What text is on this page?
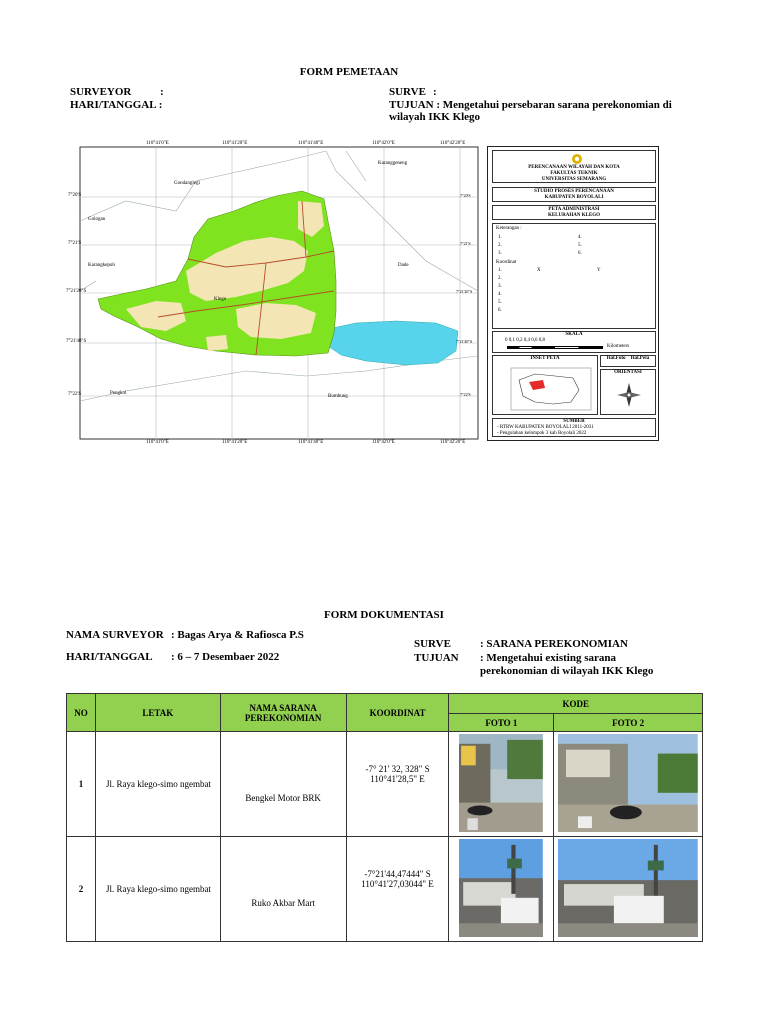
FORM PEMETAAN
SURVEYOR	:
HARI/TANGGAL :
SURVE :
TUJUAN : Mengetahui persebaran sarana perekonomian di
wilayah IKK Klego
110°41'0"E	110°41'20"E	110°41'40"E	110°42'0"E	110°42'20"E
110°41'0"E	110°41'20"E	110°41'40"E	110°42'0"E	110°42'20"E
7°20'S
7°21'S
7°21'20"S
7°21'40"S
7°22'S
7°20'S
7°21'S
7°21'20"S
7°21'40"S
7°22'S
Gondanglegi
Karanggeneng
Gologan
Karangkepoh
Klego
Dade
Pengkol
Bumbung
PERENCANAAN WILAYAH DAN KOTA
FAKULTAS TEKNIK
UNIVERSITAS SEMARANG
STUDIO PROSES PERENCANAAN
KABUPATEN BOYOLALI
PETA ADMINISTRASI
KELURAHAN KLEGO
Keterangan :
1.
2.
3.
4.
5.
6.
Koordinat
1.	X	Y
2.
3.
4.
5.
6.
SKALA
0 0,1 0,2 0,4 0,6 0,8
Kilometers
INSET PETA	Hal.Foto Hal.Peta
ORIENTASI
SUMBER
- RTRW KABUPATEN BOYOLALI 2011-2031
- Pengolahan kelompok 3 kab Boyolali 2022
FORM DOKUMENTASI
NAMA SURVEYOR : Bagas Arya & Rafiosca P.S
HARI/TANGGAL : 6 – 7 Desembaer 2022
SURVE	: SARANA PEREKONOMIAN
TUJUAN : Mengetahui existing sarana
perekonomian di wilayah IKK Klego
NO	LETAK	NAMA SARANA
PEREKONOMIAN	KOORDINAT	KODE	
				FOTO 1	FOTO 2
1	Jl. Raya klego-simo ngembat	Bengkel Motor BRK	-7° 21' 32, 328" S
110°41'28,5" E

2	Jl. Raya klego-simo ngembat	Ruko Akbar Mart	-7°21'44,47444" S
110°41'27,03044" E
